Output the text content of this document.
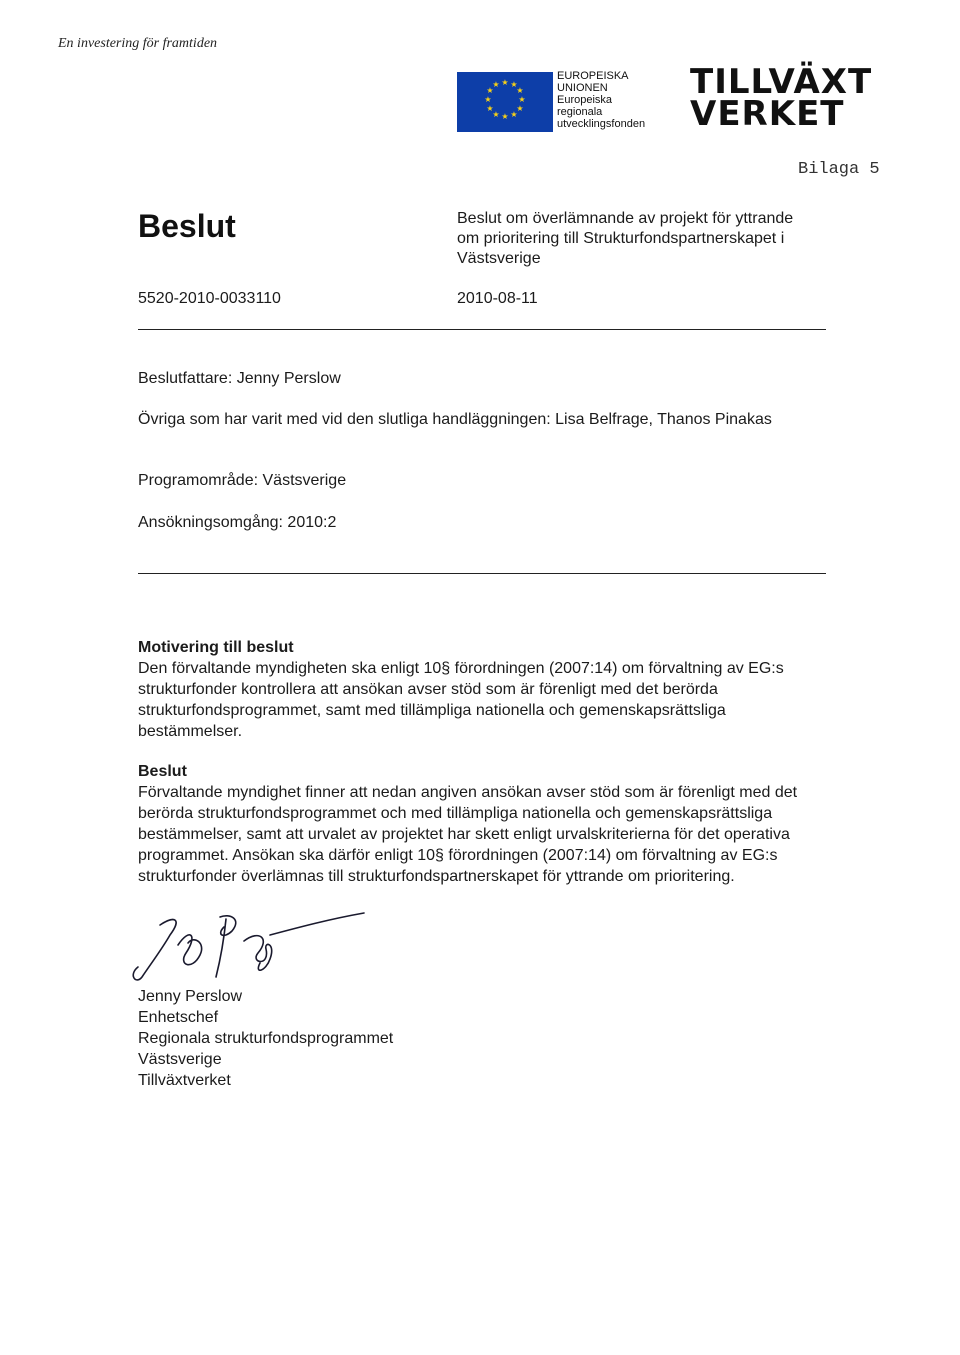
En investering för framtiden
★ ★
★
★
★
★
★
★
★
★
★
★
EUROPEISKA
UNIONEN
Europeiska
regionala
utvecklingsfonden
TILLVÄXT
VERKET
Bilaga 5
Beslut	Beslut om överlämnande av projekt för yttrande om prioritering till Strukturfondspartnerskapet i Västsverige
5520-2010-0033110	2010-08-11
Beslutfattare: Jenny Perslow
Övriga som har varit med vid den slutliga handläggningen: Lisa Belfrage, Thanos Pinakas
Programområde: Västsverige
Ansökningsomgång: 2010:2
Motivering till beslut
Den förvaltande myndigheten ska enligt 10§ förordningen (2007:14) om förvaltning av EG:s strukturfonder kontrollera att ansökan avser stöd som är förenligt med det berörda strukturfondsprogrammet, samt med tillämpliga nationella och gemenskapsrättsliga bestämmelser.
Beslut
Förvaltande myndighet finner att nedan angiven ansökan avser stöd som är förenligt med det berörda strukturfondsprogrammet och med tillämpliga nationella och gemenskapsrättsliga bestämmelser, samt att urvalet av projektet har skett enligt urvalskriterierna för det operativa programmet. Ansökan ska därför enligt 10§ förordningen (2007:14) om förvaltning av EG:s strukturfonder överlämnas till strukturfondspartnerskapet för yttrande om prioritering.
Jenny Perslow
Enhetschef
Regionala strukturfondsprogrammet
Västsverige
Tillväxtverket
